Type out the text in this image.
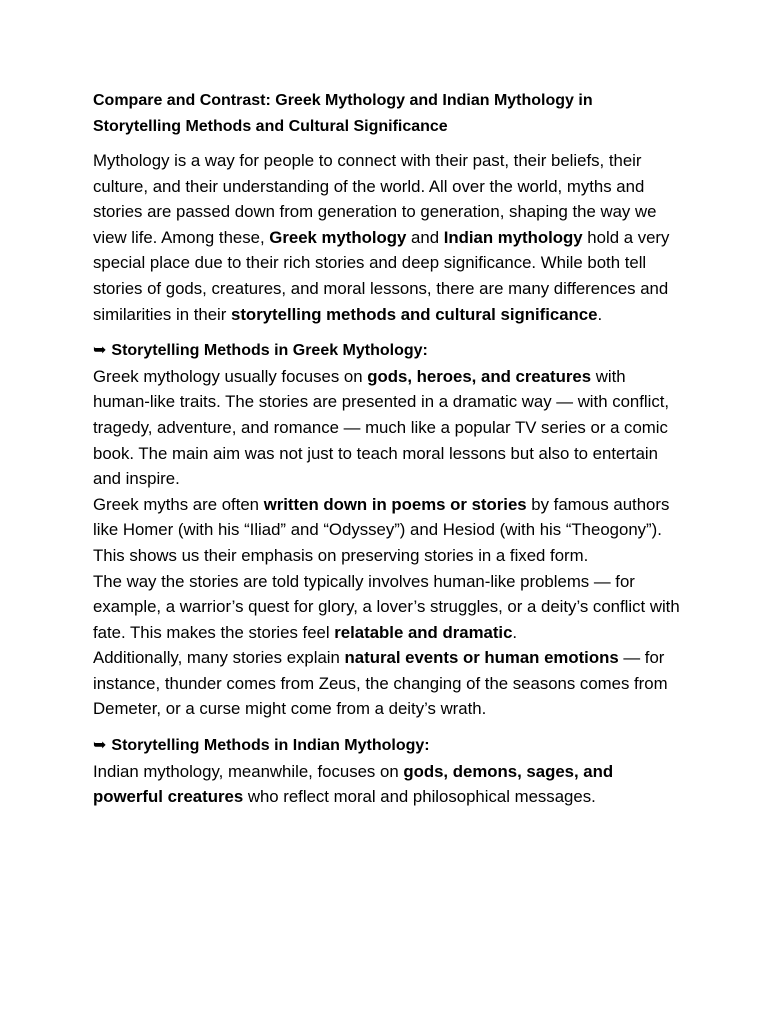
Compare and Contrast: Greek Mythology and Indian Mythology in Storytelling Methods and Cultural Significance

Mythology is a way for people to connect with their past, their beliefs, their culture, and their understanding of the world. All over the world, myths and stories are passed down from generation to generation, shaping the way we view life. Among these, Greek mythology and Indian mythology hold a very special place due to their rich stories and deep significance. While both tell stories of gods, creatures, and moral lessons, there are many differences and similarities in their storytelling methods and cultural significance.

➥ Storytelling Methods in Greek Mythology:

Greek mythology usually focuses on gods, heroes, and creatures with human-like traits. The stories are presented in a dramatic way — with conflict, tragedy, adventure, and romance — much like a popular TV series or a comic book. The main aim was not just to teach moral lessons but also to entertain and inspire.

Greek myths are often written down in poems or stories by famous authors like Homer (with his “Iliad” and “Odyssey”) and Hesiod (with his “Theogony”). This shows us their emphasis on preserving stories in a fixed form.

The way the stories are told typically involves human-like problems — for example, a warrior’s quest for glory, a lover’s struggles, or a deity’s conflict with fate. This makes the stories feel relatable and dramatic.

Additionally, many stories explain natural events or human emotions — for instance, thunder comes from Zeus, the changing of the seasons comes from Demeter, or a curse might come from a deity’s wrath.

➥ Storytelling Methods in Indian Mythology:

Indian mythology, meanwhile, focuses on gods, demons, sages, and powerful creatures who reflect moral and philosophical messages.
